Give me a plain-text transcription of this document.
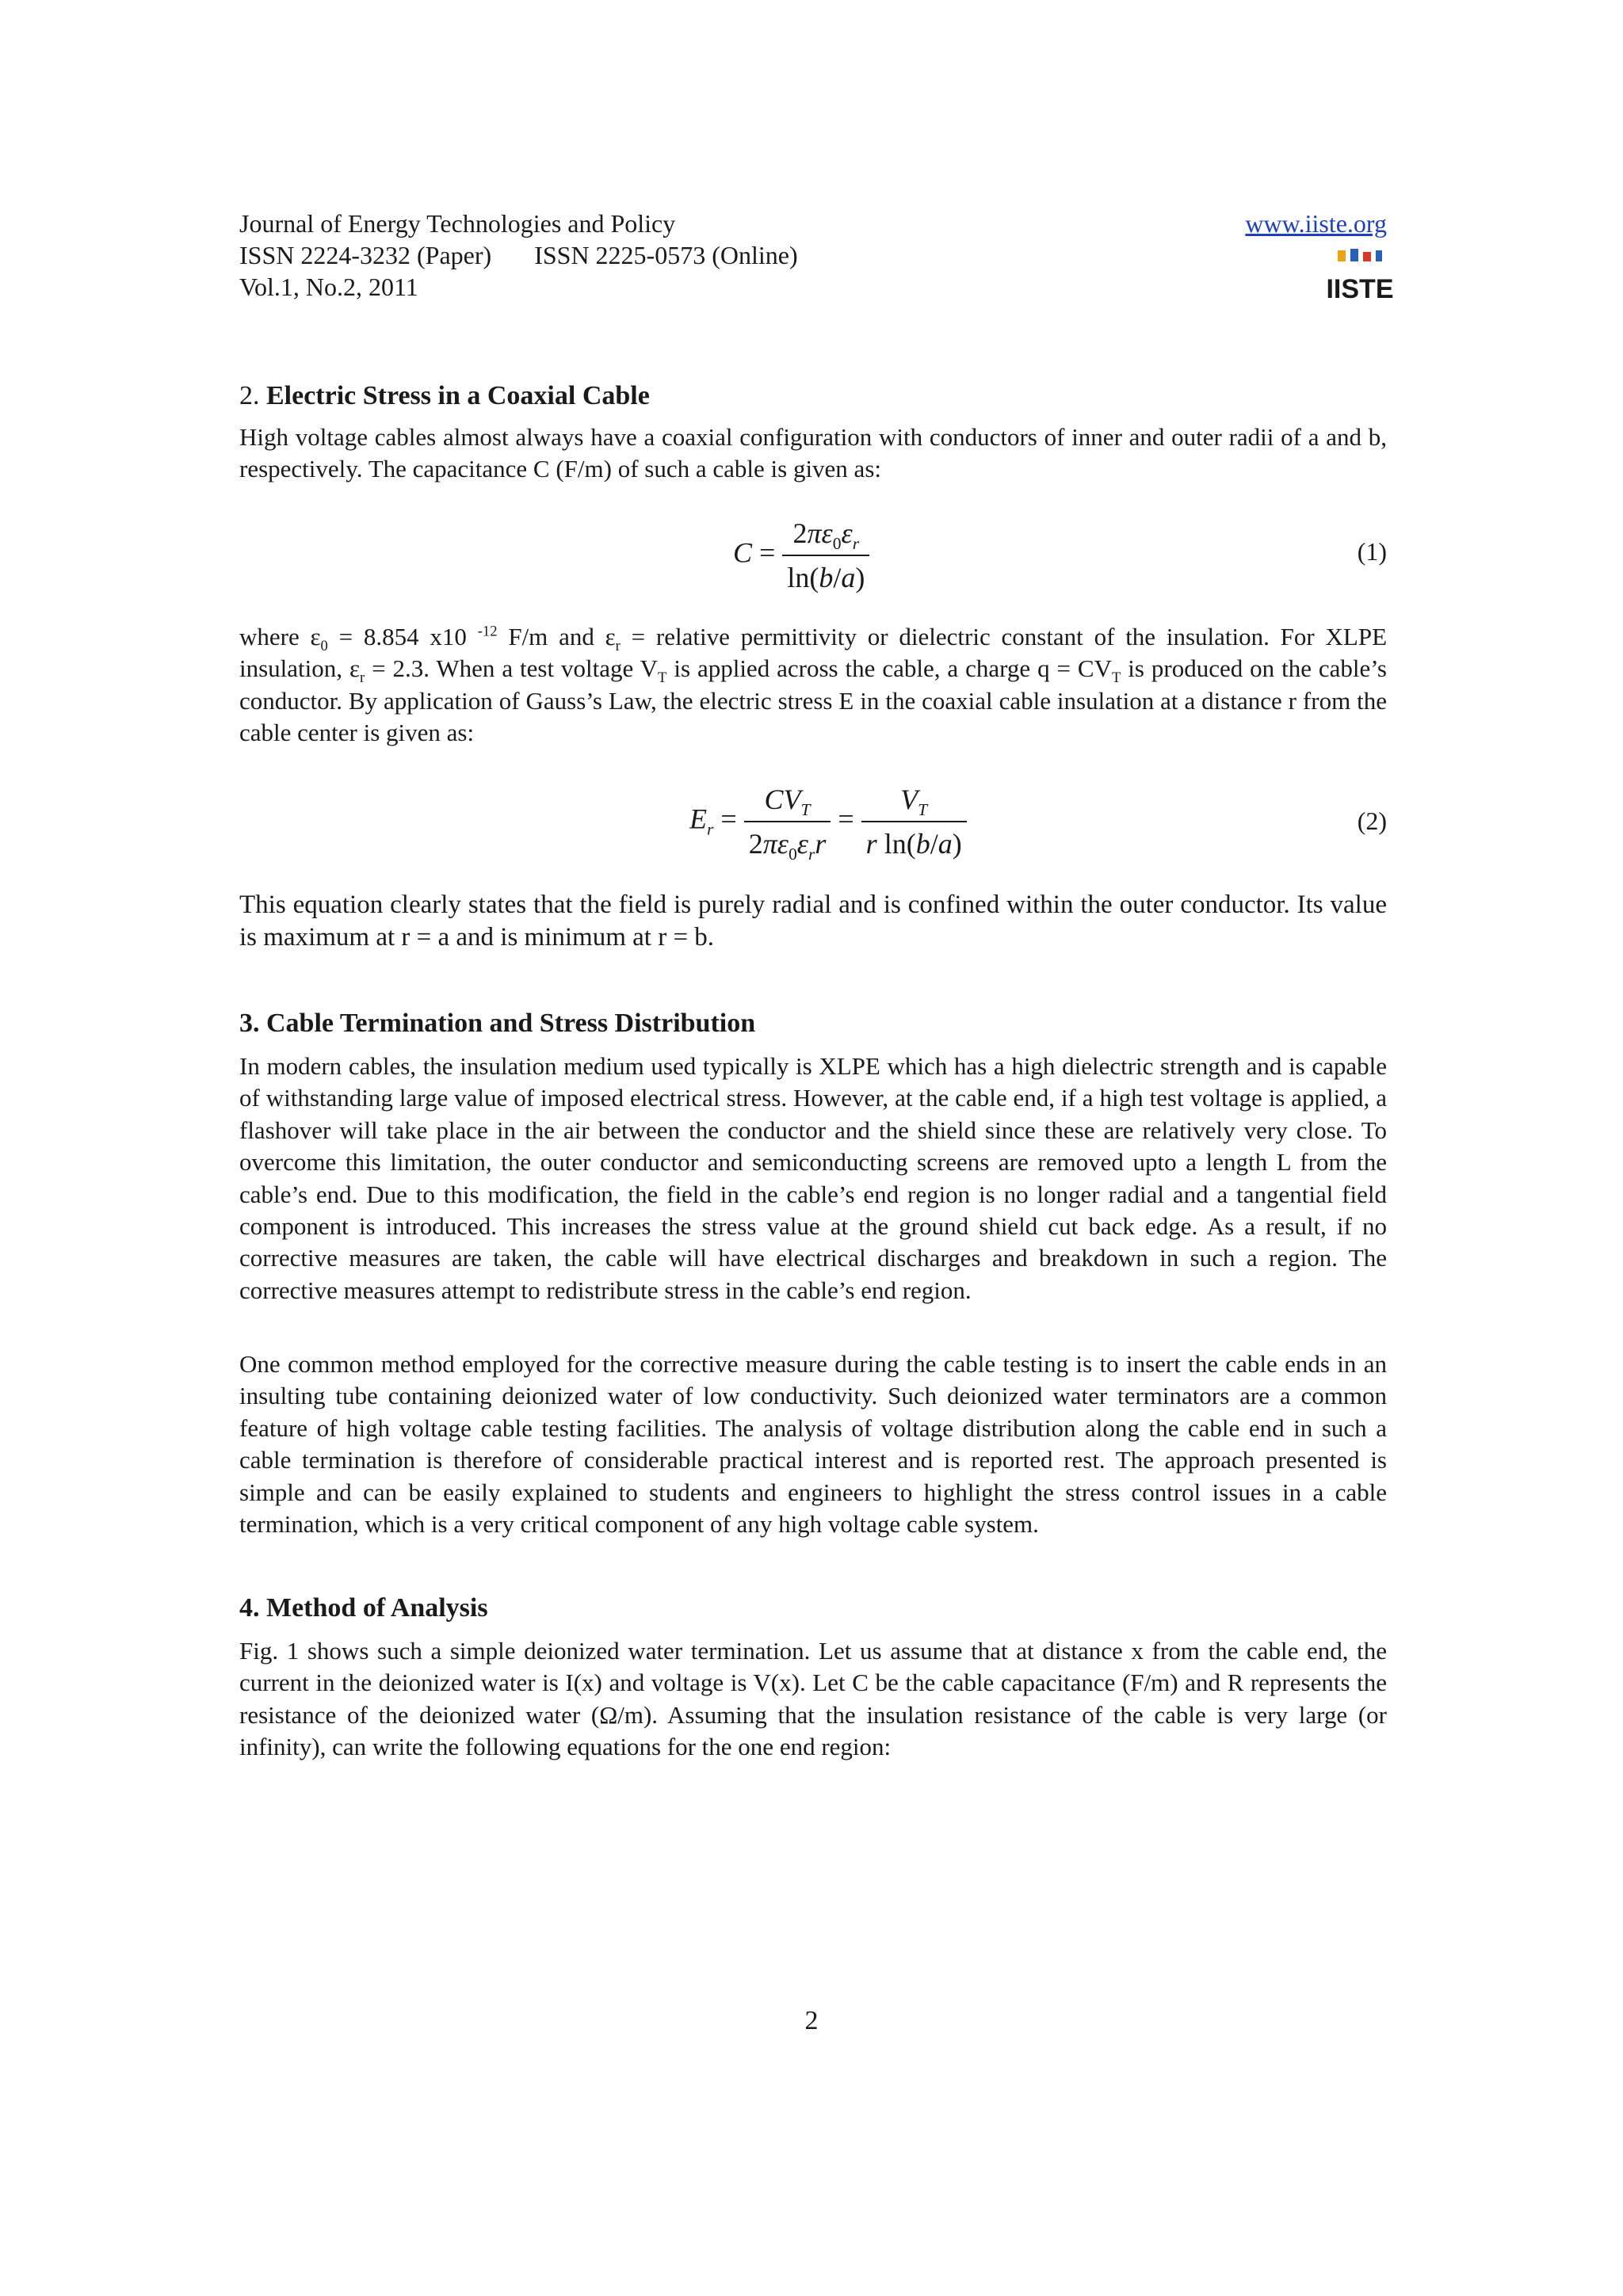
Journal of Energy Technologies and Policy
ISSN 2224-3232 (Paper) ISSN 2225-0573 (Online)
Vol.1, No.2, 2011
www.iiste.org
IISTE
2. Electric Stress in a Coaxial Cable

High voltage cables almost always have a coaxial configuration with conductors of inner and outer radii of a and b, respectively. The capacitance C (F/m) of such a cable is given as:

$C = \frac{2\pi\varepsilon_0\varepsilon_r}{\ln(b/a)}$	(1)

where $\varepsilon_0 = 8.854$ x10 $^{-12}$ F/m and $\varepsilon_r$ = relative permittivity or dielectric constant of the insulation. For XLPE insulation, $\varepsilon_r = 2.3$. When a test voltage $V_T$ is applied across the cable, a charge $q = CV_T$ is produced on the cable’s conductor. By application of Gauss’s Law, the electric stress E in the coaxial cable insulation at a distance r from the cable center is given as:

$E_r = \frac{CV_T}{2\pi\varepsilon_0\varepsilon_rr} = \frac{V_T}{\text{r ln(b/a)}}$	(2)

This equation clearly states that the field is purely radial and is confined within the outer conductor. Its value is maximum at r = a and is minimum at r = b.

3. Cable Termination and Stress Distribution

In modern cables, the insulation medium used typically is XLPE which has a high dielectric strength and is capable of withstanding large value of imposed electrical stress. However, at the cable end, if a high test voltage is applied, a flashover will take place in the air between the conductor and the shield since these are relatively very close. To overcome this limitation, the outer conductor and semiconducting screens are removed upto a length L from the cable’s end. Due to this modification, the field in the cable’s end region is no longer radial and a tangential field component is introduced. This increases the stress value at the ground shield cut back edge. As a result, if no corrective measures are taken, the cable will have electrical discharges and breakdown in such a region. The corrective measures attempt to redistribute stress in the cable’s end region.

One common method employed for the corrective measure during the cable testing is to insert the cable ends in an insulting tube containing deionized water of low conductivity. Such deionized water terminators are a common feature of high voltage cable testing facilities. The analysis of voltage distribution along the cable end in such a cable termination is therefore of considerable practical interest and is reported rest. The approach presented is simple and can be easily explained to students and engineers to highlight the stress control issues in a cable termination, which is a very critical component of any high voltage cable system.

4. Method of Analysis

Fig. 1 shows such a simple deionized water termination. Let us assume that at distance x from the cable end, the current in the deionized water is I(x) and voltage is V(x). Let C be the cable capacitance (F/m) and R represents the resistance of the deionized water (Ω/m). Assuming that the insulation resistance of the cable is very large (or infinity), can write the following equations for the one end region:

2
